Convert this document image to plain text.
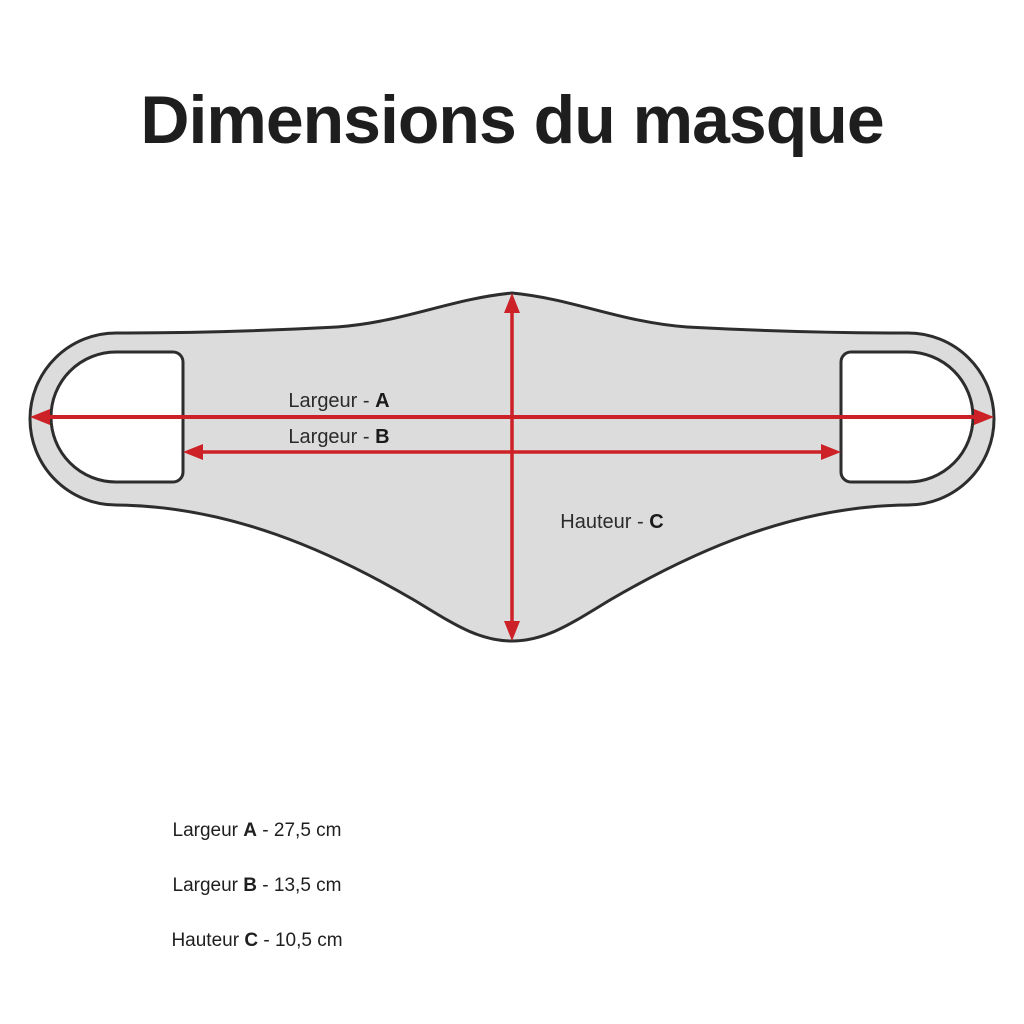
Dimensions du masque
Largeur - A
Largeur - B
Hauteur - C
Largeur A - 27,5 cm
Largeur B - 13,5 cm
Hauteur C - 10,5 cm
